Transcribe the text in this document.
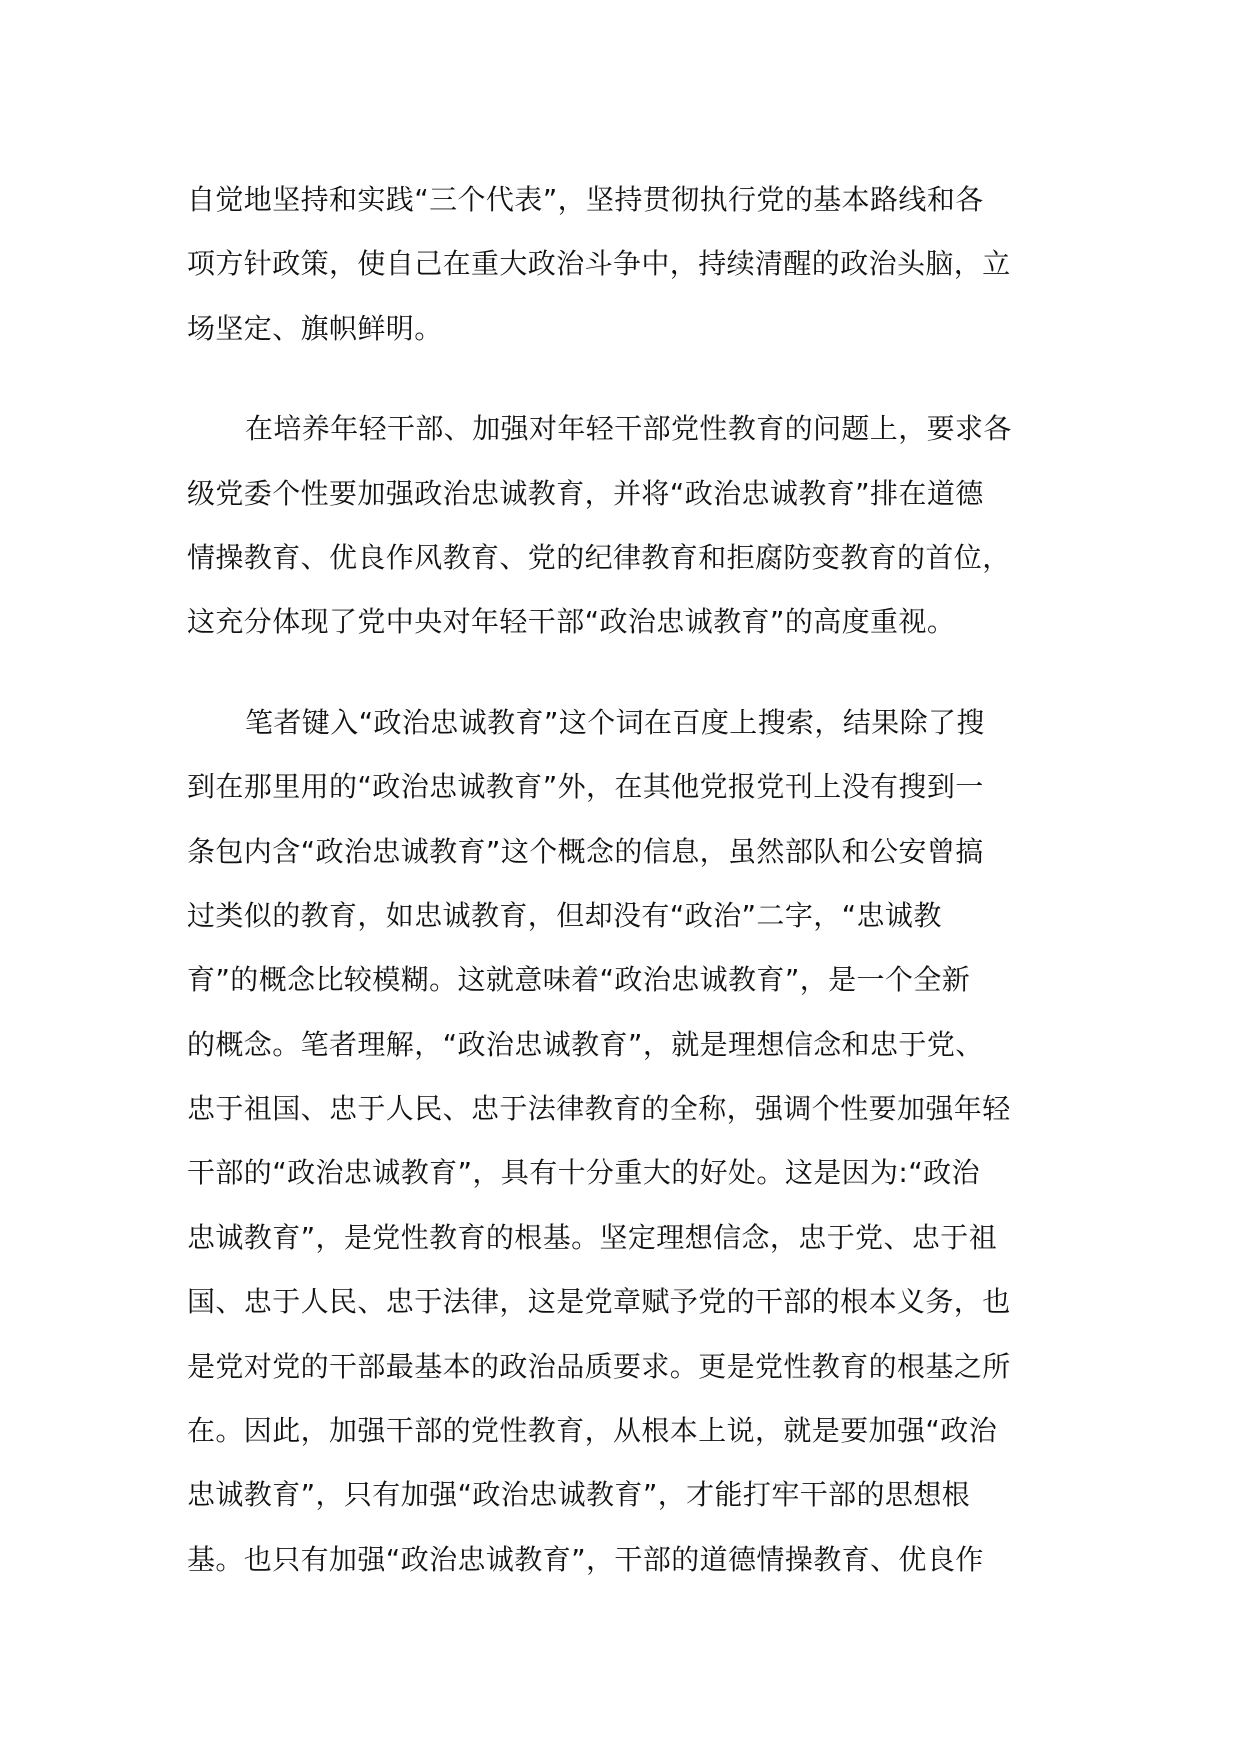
自觉地坚持和实践“三个代表”，坚持贯彻执行党的基本路线和各
项方针政策，使自己在重大政治斗争中，持续清醒的政治头脑，立
场坚定、旗帜鲜明。
在培养年轻干部、加强对年轻干部党性教育的问题上，要求各
级党委个性要加强政治忠诚教育，并将“政治忠诚教育”排在道德
情操教育、优良作风教育、党的纪律教育和拒腐防变教育的首位，
这充分体现了党中央对年轻干部“政治忠诚教育”的高度重视。
笔者键入“政治忠诚教育”这个词在百度上搜索，结果除了搜
到在那里用的“政治忠诚教育”外，在其他党报党刊上没有搜到一
条包内含“政治忠诚教育”这个概念的信息，虽然部队和公安曾搞
过类似的教育，如忠诚教育，但却没有“政治”二字，“忠诚教
育”的概念比较模糊。这就意味着“政治忠诚教育”，是一个全新
的概念。笔者理解，“政治忠诚教育”，就是理想信念和忠于党、
忠于祖国、忠于人民、忠于法律教育的全称，强调个性要加强年轻
干部的“政治忠诚教育”，具有十分重大的好处。这是因为:“政治
忠诚教育”，是党性教育的根基。坚定理想信念，忠于党、忠于祖
国、忠于人民、忠于法律，这是党章赋予党的干部的根本义务，也
是党对党的干部最基本的政治品质要求。更是党性教育的根基之所
在。因此，加强干部的党性教育，从根本上说，就是要加强“政治
忠诚教育”，只有加强“政治忠诚教育”，才能打牢干部的思想根
基。也只有加强“政治忠诚教育”，干部的道德情操教育、优良作
